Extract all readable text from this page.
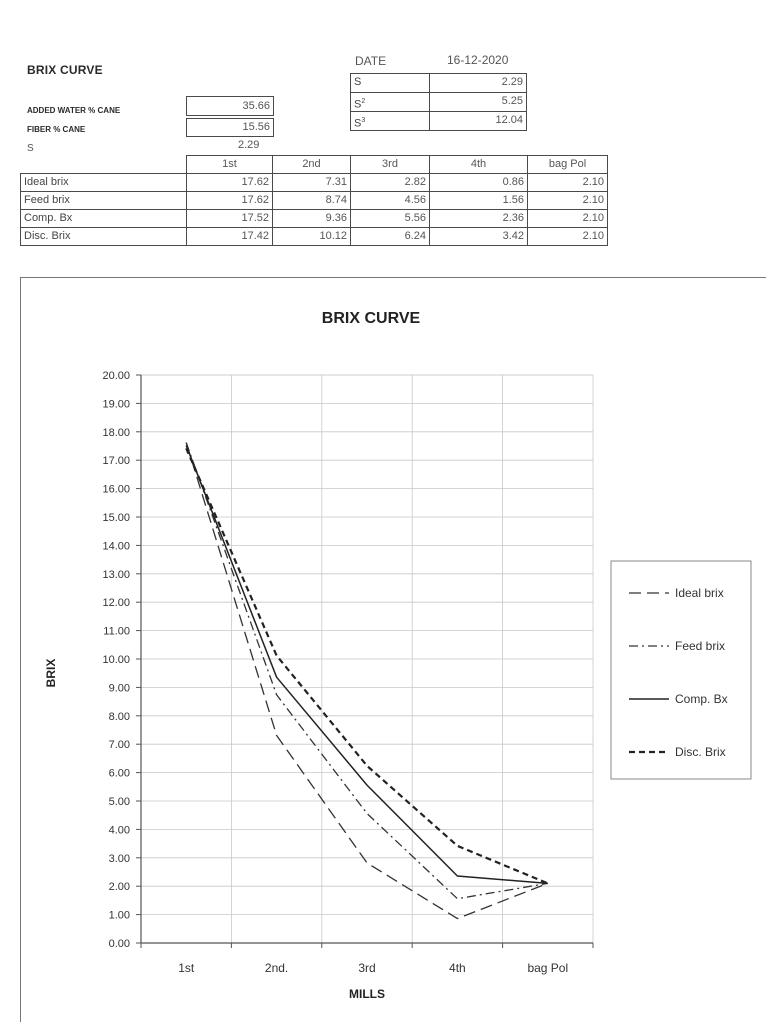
BRIX CURVE
ADDED WATER % CANE	35.66
FIBER % CANE	15.56
S	2.29
DATE	16-12-2020
S	2.29
$S^2$	5.25
$S^3$	12.04
1st	2nd	3rd	4th	bag Pol
Ideal brix	17.62	7.31	2.82	0.86	2.10
Feed brix	17.62	8.74	4.56	1.56	2.10
Comp. Bx	17.52	9.36	5.56	2.36	2.10
Disc. Brix	17.42	10.12	6.24	3.42	2.10
BRIX CURVE
0.00
1.00
2.00
3.00
4.00
5.00
6.00
7.00
8.00
9.00
10.00
11.00
12.00
13.00
14.00
15.00
16.00
17.00
18.00
19.00
20.00
1st	2nd.	3rd	4th	bag Pol
MILLS
BRIX
Ideal brix
Feed brix
Comp. Bx
Disc. Brix
